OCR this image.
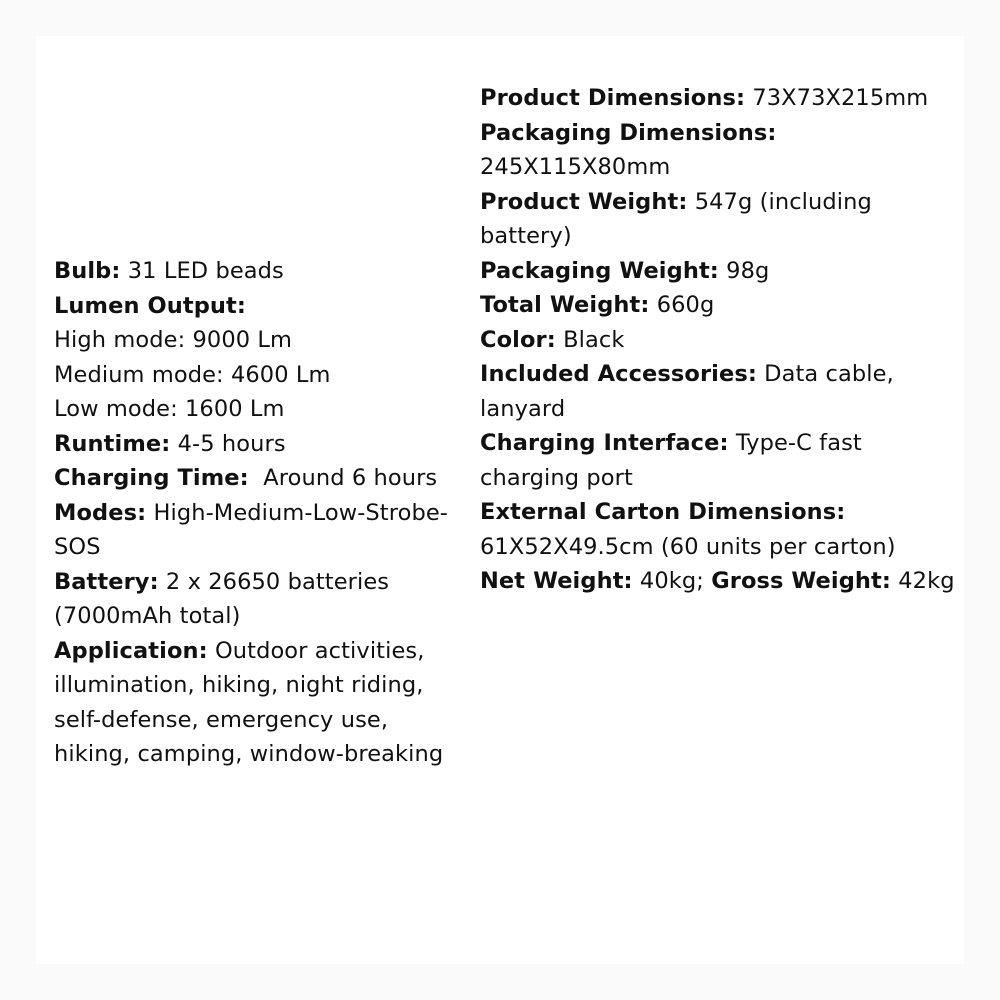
Bulb: 31 LED beads
Lumen Output:
High mode: 9000 Lm
Medium mode: 4600 Lm
Low mode: 1600 Lm
Runtime: 4-5 hours
Charging Time:  Around 6 hours
Modes: High-Medium-Low-Strobe-
SOS
Battery: 2 x 26650 batteries
(7000mAh total)
Application: Outdoor activities,
illumination, hiking, night riding,
self-defense, emergency use,
hiking, camping, window-breaking
Product Dimensions: 73X73X215mm
Packaging Dimensions:
245X115X80mm
Product Weight: 547g (including
battery)
Packaging Weight: 98g
Total Weight: 660g
Color: Black
Included Accessories: Data cable,
lanyard
Charging Interface: Type-C fast
charging port
External Carton Dimensions:
61X52X49.5cm (60 units per carton)
Net Weight: 40kg; Gross Weight: 42kg
